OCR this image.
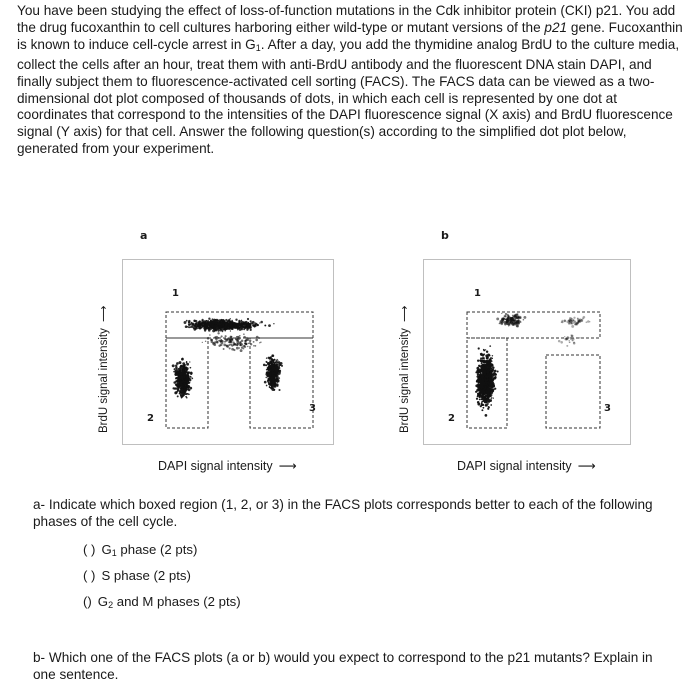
You have been studying the effect of loss-of-function mutations in the Cdk inhibitor protein (CKI) p21. You add the drug fucoxanthin to cell cultures harboring either wild-type or mutant versions of the p21 gene. Fucoxanthin is known to induce cell-cycle arrest in $G_1$. After a day, you add the thymidine analog BrdU to the culture media, collect the cells after an hour, treat them with anti-BrdU antibody and the fluorescent DNA stain DAPI, and finally subject them to fluorescence-activated cell sorting (FACS). The FACS data can be viewed as a two-dimensional dot plot composed of thousands of dots, in which each cell is represented by one dot at coordinates that correspond to the intensities of the DAPI fluorescence signal (X axis) and BrdU fluorescence signal (Y axis) for that cell. Answer the following question(s) according to the simplified dot plot below, generated from your experiment.

a
BrdU signal intensity⟶
1
2
3
DAPI signal intensity ⟶
b
BrdU signal intensity⟶
1
2
3
DAPI signal intensity ⟶

a- Indicate which boxed region (1, 2, or 3) in the FACS plots corresponds better to each of the following phases of the cell cycle.

( ) $G_1$ phase (2 pts)
( ) S phase (2 pts)
() $G_2$ and M phases (2 pts)

b- Which one of the FACS plots (a or b) would you expect to correspond to the p21 mutants? Explain in one sentence.
